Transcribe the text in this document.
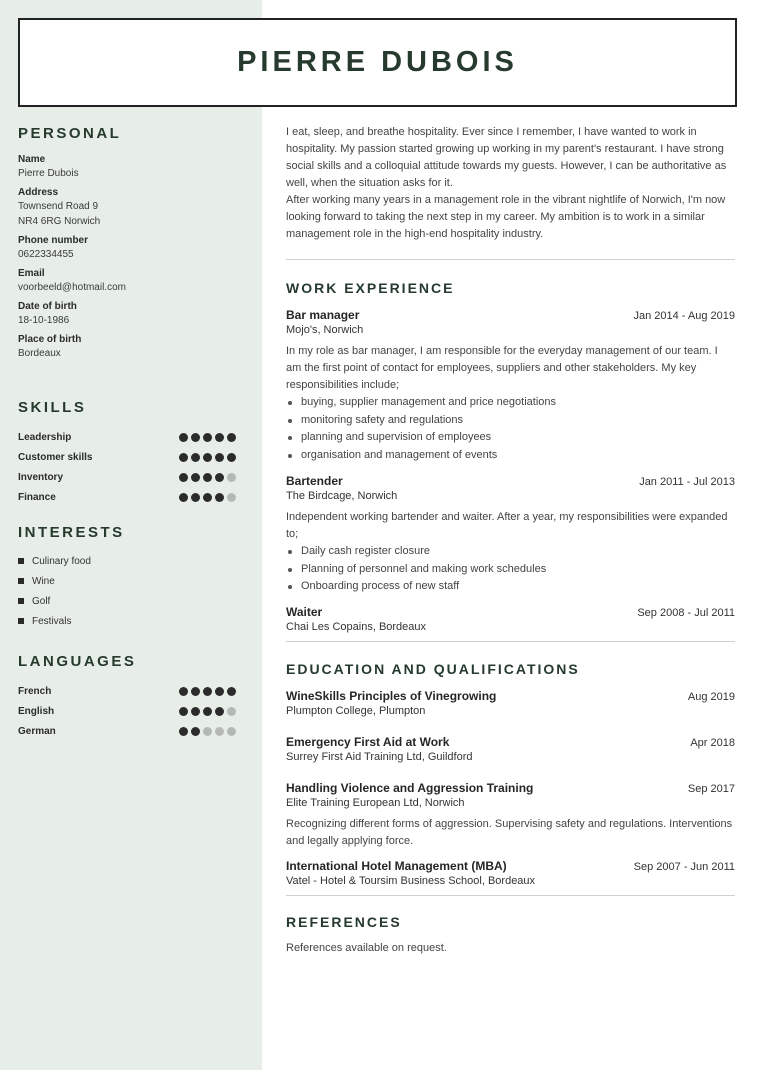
PIERRE DUBOIS
PERSONAL
Name
Pierre Dubois
Address
Townsend Road 9
NR4 6RG Norwich
Phone number
0622334455
Email
voorbeeld@hotmail.com
Date of birth
18-10-1986
Place of birth
Bordeaux
SKILLS
Leadership
Customer skills
Inventory
Finance
INTERESTS
Culinary food
Wine
Golf
Festivals
LANGUAGES
French
English
German

I eat, sleep, and breathe hospitality. Ever since I remember, I have wanted to work in hospitality. My passion started growing up working in my parent's restaurant. I have strong social skills and a colloquial attitude towards my guests. However, I can be authoritative as well, when the situation asks for it.

After working many years in a management role in the vibrant nightlife of Norwich, I'm now looking forward to taking the next step in my career. My ambition is to work in a similar management role in the high-end hospitality industry.

WORK EXPERIENCE
Bar manager	Jan 2014 - Aug 2019
Mojo's, Norwich

In my role as bar manager, I am responsible for the everyday management of our team. I am the first point of contact for employees, suppliers and other stakeholders. My key responsibilities include;

buying, supplier management and price negotiations
monitoring safety and regulations
planning and supervision of employees
organisation and management of events
Bartender	Jan 2011 - Jul 2013
The Birdcage, Norwich

Independent working bartender and waiter. After a year, my responsibilities were expanded to;

Daily cash register closure
Planning of personnel and making work schedules
Onboarding process of new staff
Waiter	Sep 2008 - Jul 2011
Chai Les Copains, Bordeaux
EDUCATION AND QUALIFICATIONS
WineSkills Principles of Vinegrowing	Aug 2019
Plumpton College, Plumpton
Emergency First Aid at Work	Apr 2018
Surrey First Aid Training Ltd, Guildford
Handling Violence and Aggression Training	Sep 2017
Elite Training European Ltd, Norwich

Recognizing different forms of aggression. Supervising safety and regulations. Interventions and legally applying force.

International Hotel Management (MBA)	Sep 2007 - Jun 2011
Vatel - Hotel & Toursim Business School, Bordeaux
REFERENCES

References available on request.
